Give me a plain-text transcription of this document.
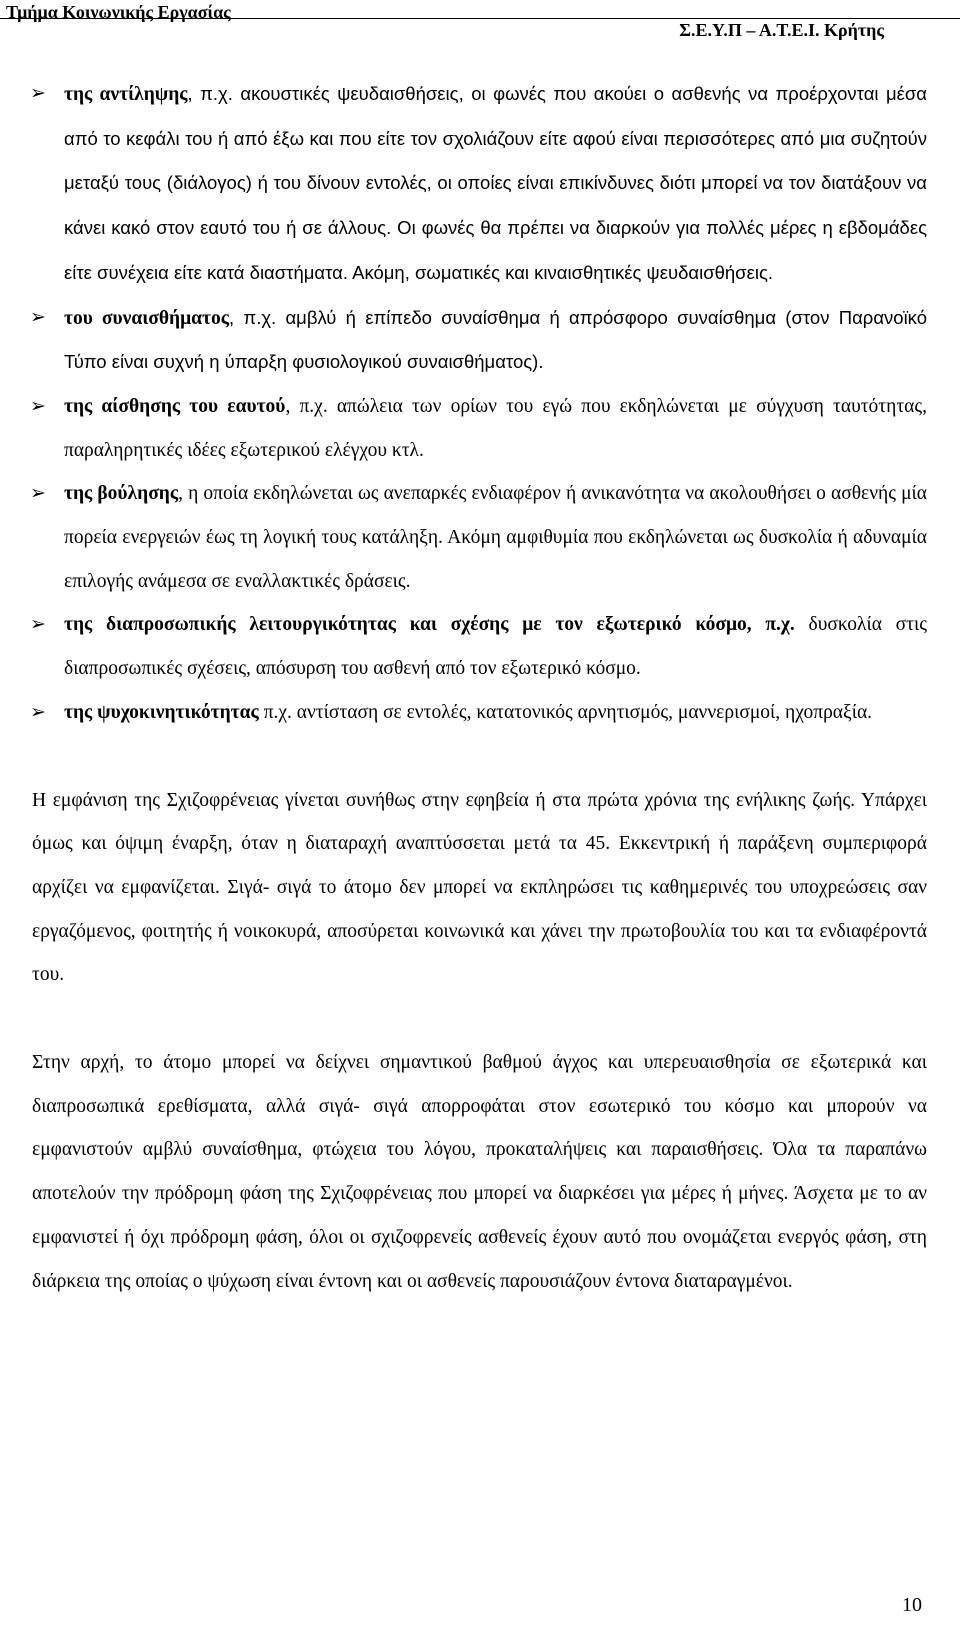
Τμήμα Κοινωνικής Εργασίας
Σ.Ε.Υ.Π – Α.Τ.Ε.Ι. Κρήτης

➢ της αντίληψης, π.χ. ακουστικές ψευδαισθήσεις, οι φωνές που ακούει ο ασθενής να προέρχονται μέσα από το κεφάλι του ή από έξω και που είτε τον σχολιάζουν είτε αφού είναι περισσότερες από μια συζητούν μεταξύ τους (διάλογος) ή του δίνουν εντολές, οι οποίες είναι επικίνδυνες διότι μπορεί να τον διατάξουν να κάνει κακό στον εαυτό του ή σε άλλους. Οι φωνές θα πρέπει να διαρκούν για πολλές μέρες η εβδομάδες είτε συνέχεια είτε κατά διαστήματα. Ακόμη, σωματικές και κιναισθητικές ψευδαισθήσεις.

➢ του συναισθήματος, π.χ. αμβλύ ή επίπεδο συναίσθημα ή απρόσφορο συναίσθημα (στον Παρανοϊκό Τύπο είναι συχνή η ύπαρξη φυσιολογικού συναισθήματος).

➢ της αίσθησης του εαυτού, π.χ. απώλεια των ορίων του εγώ που εκδηλώνεται με σύγχυση ταυτότητας, παραληρητικές ιδέες εξωτερικού ελέγχου κτλ.

➢ της βούλησης, η οποία εκδηλώνεται ως ανεπαρκές ενδιαφέρον ή ανικανότητα να ακολουθήσει ο ασθενής μία πορεία ενεργειών έως τη λογική τους κατάληξη. Ακόμη αμφιθυμία που εκδηλώνεται ως δυσκολία ή αδυναμία επιλογής ανάμεσα σε εναλλακτικές δράσεις.

➢ της διαπροσωπικής λειτουργικότητας και σχέσης με τον εξωτερικό κόσμο, π.χ. δυσκολία στις διαπροσωπικές σχέσεις, απόσυρση του ασθενή από τον εξωτερικό κόσμο.

➢ της ψυχοκινητικότητας π.χ. αντίσταση σε εντολές, κατατονικός αρνητισμός, μαννερισμοί, ηχοπραξία.

Η εμφάνιση της Σχιζοφρένειας γίνεται συνήθως στην εφηβεία ή στα πρώτα χρόνια της ενήλικης ζωής. Υπάρχει όμως και όψιμη έναρξη, όταν η διαταραχή αναπτύσσεται μετά τα 45. Εκκεντρική ή παράξενη συμπεριφορά αρχίζει να εμφανίζεται. Σιγά- σιγά το άτομο δεν μπορεί να εκπληρώσει τις καθημερινές του υποχρεώσεις σαν εργαζόμενος, φοιτητής ή νοικοκυρά, αποσύρεται κοινωνικά και χάνει την πρωτοβουλία του και τα ενδιαφέροντά του.

Στην αρχή, το άτομο μπορεί να δείχνει σημαντικού βαθμού άγχος και υπερευαισθησία σε εξωτερικά και διαπροσωπικά ερεθίσματα, αλλά σιγά- σιγά απορροφάται στον εσωτερικό του κόσμο και μπορούν να εμφανιστούν αμβλύ συναίσθημα, φτώχεια του λόγου, προκαταλήψεις και παραισθήσεις. Όλα τα παραπάνω αποτελούν την πρόδρομη φάση της Σχιζοφρένειας που μπορεί να διαρκέσει για μέρες ή μήνες. Άσχετα με το αν εμφανιστεί ή όχι πρόδρομη φάση, όλοι οι σχιζοφρενείς ασθενείς έχουν αυτό που ονομάζεται ενεργός φάση, στη διάρκεια της οποίας ο ψύχωση είναι έντονη και οι ασθενείς παρουσιάζουν έντονα διαταραγμένοι.

10
